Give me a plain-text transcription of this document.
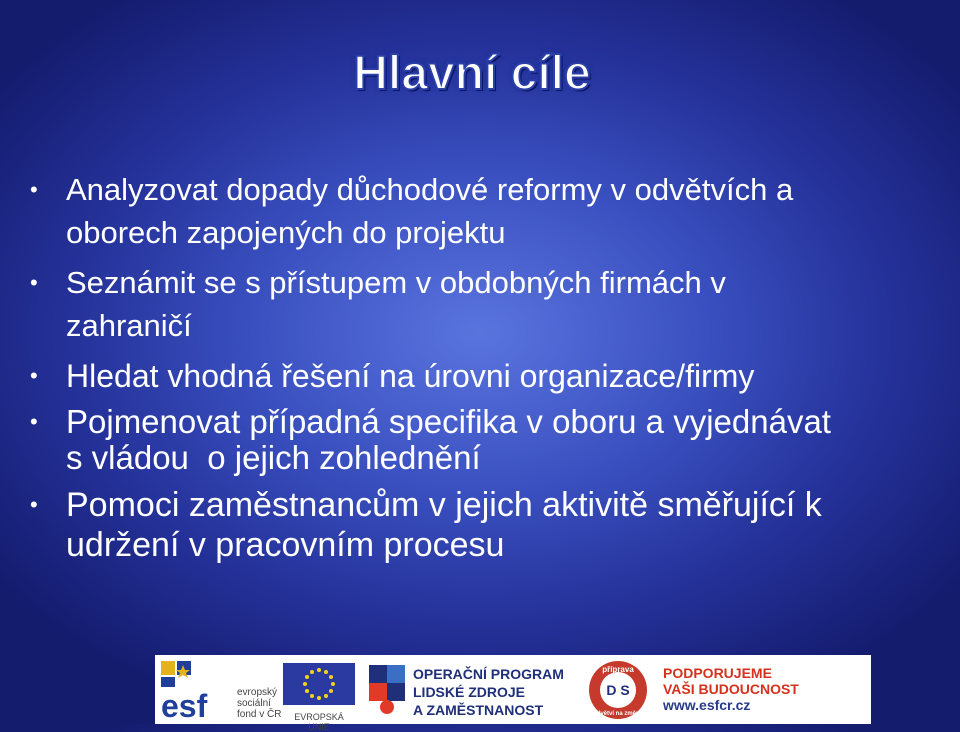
Hlavní cíle
• Analyzovat dopady důchodové reformy v odvětvích a
oborech zapojených do projektu
• Seznámit se s přístupem v obdobných firmách v
zahraničí
• Hledat vhodná řešení na úrovni organizace/firmy
• Pojmenovat případná specifika v oboru a vyjednávat
s vládou  o jejich zohlednění
• Pomoci zaměstnancům v jejich aktivitě směřující k
udržení v pracovním procesu
esf	evropský
sociální
fond v ČR	EVROPSKÁ UNIE
OPERAČNÍ PROGRAM
LIDSKÉ ZDROJE
A ZAMĚSTNANOST
příprava
D S
odvětví na změny
PODPORUJEME
VAŠI BUDOUCNOST
www.esfcr.cz
